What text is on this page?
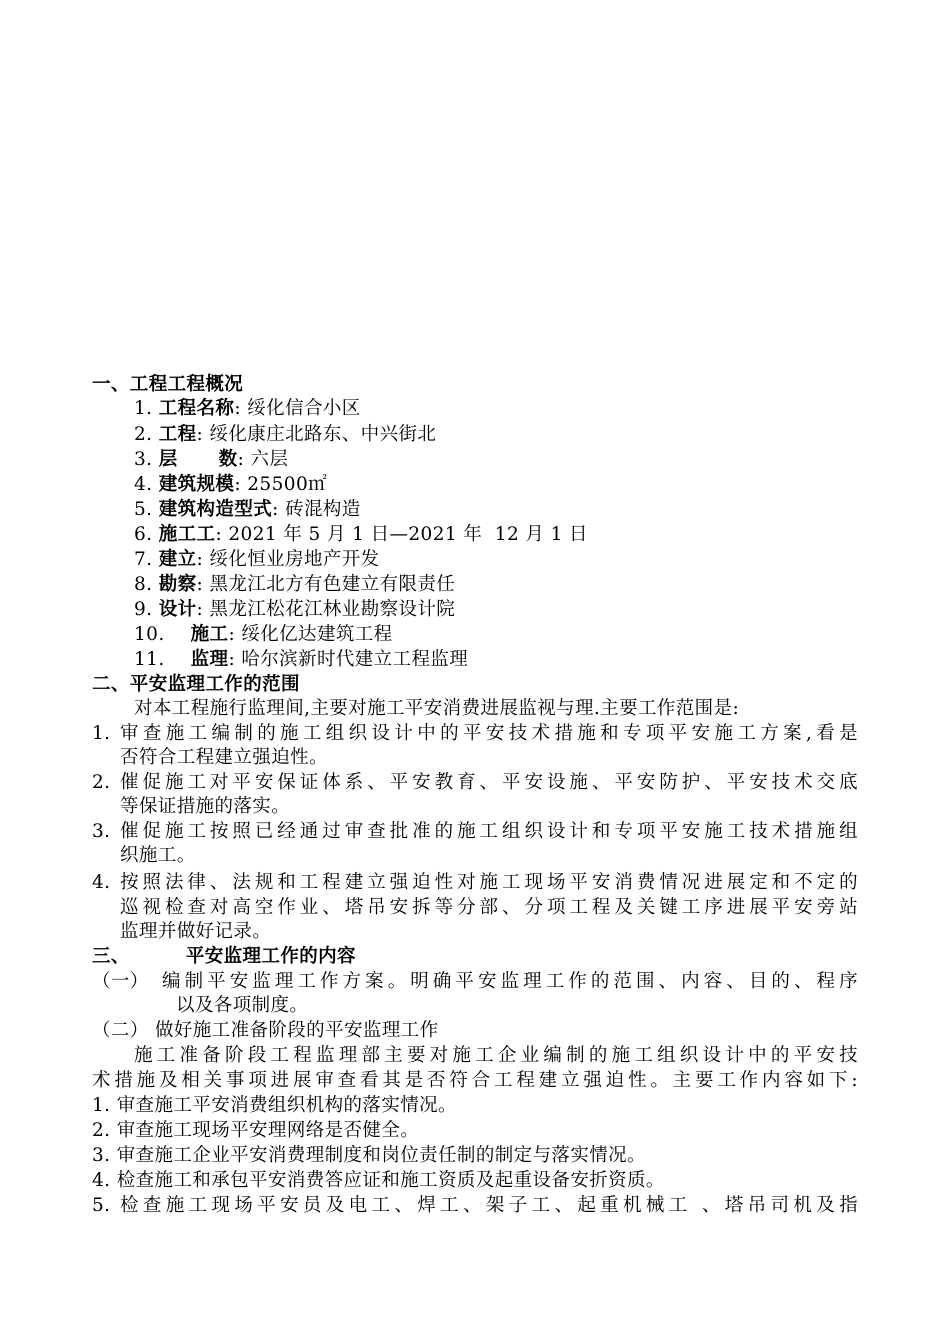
一、工程工程概况
1. 工程名称: 绥化信合小区
2. 工程: 绥化康庄北路东、中兴街北
3. 层      数: 六层
4. 建筑规模: 25500㎡
5. 建筑构造型式: 砖混构造
6. 施工工: 2021 年 5 月 1 日—2021 年  12 月 1 日
7. 建立: 绥化恒业房地产开发
8. 勘察: 黑龙江北方有色建立有限责任
9. 设计: 黑龙江松花江林业勘察设计院
10. 施工: 绥化亿达建筑工程
11. 监理: 哈尔滨新时代建立工程监理
二、平安监理工作的范围
对本工程施行监理间,主要对施工平安消费进展监视与理.主要工作范围是:
1. 审查施工编制的施工组织设计中的平安技术措施和专项平安施工方案,看是
否符合工程建立强迫性。
2. 催促施工对平安保证体系、平安教育、平安设施、平安防护、平安技术交底
等保证措施的落实。
3. 催促施工按照已经通过审查批准的施工组织设计和专项平安施工技术措施组
织施工。
4. 按照法律、法规和工程建立强迫性对施工现场平安消费情况进展定和不定的
巡视检查对高空作业、塔吊安拆等分部、分项工程及关键工序进展平安旁站
监理并做好记录。
三、	平安监理工作的内容
（一） 编制平安监理工作方案。明确平安监理工作的范围、内容、目的、程序
以及各项制度。
（二） 做好施工准备阶段的平安监理工作
施工准备阶段工程监理部主要对施工企业编制的施工组织设计中的平安技
术措施及相关事项进展审查看其是否符合工程建立强迫性。主要工作内容如下:
1. 审查施工平安消费组织机构的落实情况。
2. 审查施工现场平安理网络是否健全。
3. 审查施工企业平安消费理制度和岗位责任制的制定与落实情况。
4. 检查施工和承包平安消费答应证和施工资质及起重设备安折资质。
5. 检查施工现场平安员及电工、焊工、架子工、起重机械工 、塔吊司机及指
